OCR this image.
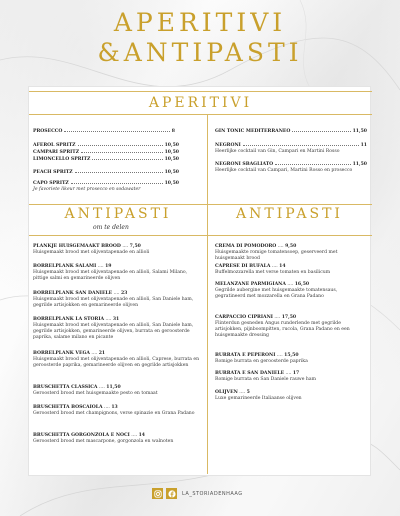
APERITIVI
&ANTIPASTI
APERITIVI
PROSECCO	8
AFEROL SPRITZ	10,50
CAMPARI SPRITZ	10,50
LIMONCELLO SPRITZ	10,50
PEACH SPRITZ	10,50
CAPO SPRITZ	10,50
Je favoriete likeur met prosecco en sodawater
GIN TONIC MEDITERRANEO	11,50
NEGRONI	11
Heerlijke cocktail van Gin, Campari en Martini Rosso
NEGRONI SBAGLIATO	11,50
Heerlijke cocktail van Campari, Martini Rosso en prosecco
ANTIPASTI
om te delen
ANTIPASTI
PLANKJE HUISGEMAAKT BROOD .... 7,50
Huisgemaakt brood met olijventapenade en allioli
BORRELPLANK SALAMI .... 19
Huisgemaakt brood met olijventapenade en allioli, Salami Milano, pittige salmi en gemarineerde olijven
BORRELPLANK SAN DANIELE .... 23
Huisgemaakt brood met olijventapenade en allioli, San Daniele ham, gegrilde artisjokken en gemarineerde olijven
BORRELPLANK LA STORIA .... 31
Huisgemaakt brood met olijventapenade en allioli, San Daniele ham, gegrilde artisjokken, gemarineerde olijven, burrata en geroosterde paprika, salame milano en picante
BORRELPLANK VEGA .... 21
Huisgemaakt brood met olijventapenade en allioli, Caprese, burrata en geroosterde paprika, gemarineerde olijven en gegrilde artisjokken
BRUSCHETTA CLASSICA .... 11,50
Geroosterd brood met huisgemaakte pesto en tomaat
BRUSCHETTA BOSCAIOLA .... 13
Geroosterd brood met champignons, verse spinazie en Grana Padano
BRUSCHETTA GORGONZOLA E NOCI .... 14
Geroosterd brood met mascarpone, gorgonzola en walnoten
CREMA DI POMODORO .... 9,50
Huisgemaakte romige tomatensoep, geserveerd met huisgemaakt brood
CAPRESE DI BUFALA .... 14
Buffelmozzarella met verse tomaten en basilicum
MELANZANE PARMIGIANA .... 16,50
Gegrilde aubergine met huisgemaakte tomatensaus, gegratineerd met mozzarella en Grana Padano
CARPACCIO CIPRIANI .... 17,50
Flinterdun gesneden Angus runderlende met gegrilde artisjokken, pijnboompitten, rucola, Grana Padano en een huisgemaakte dressing
BURRATA E PEPERONI .... 15,50
Romige burrata en geroosterde paprika
BURRATA E SAN DANIELE .... 17
Romige burrata en San Daniele rauwe ham
OLIJVEN .... 5
Luxe gemarineerde Italiaanse olijven
LA_STORIADENHAAG
